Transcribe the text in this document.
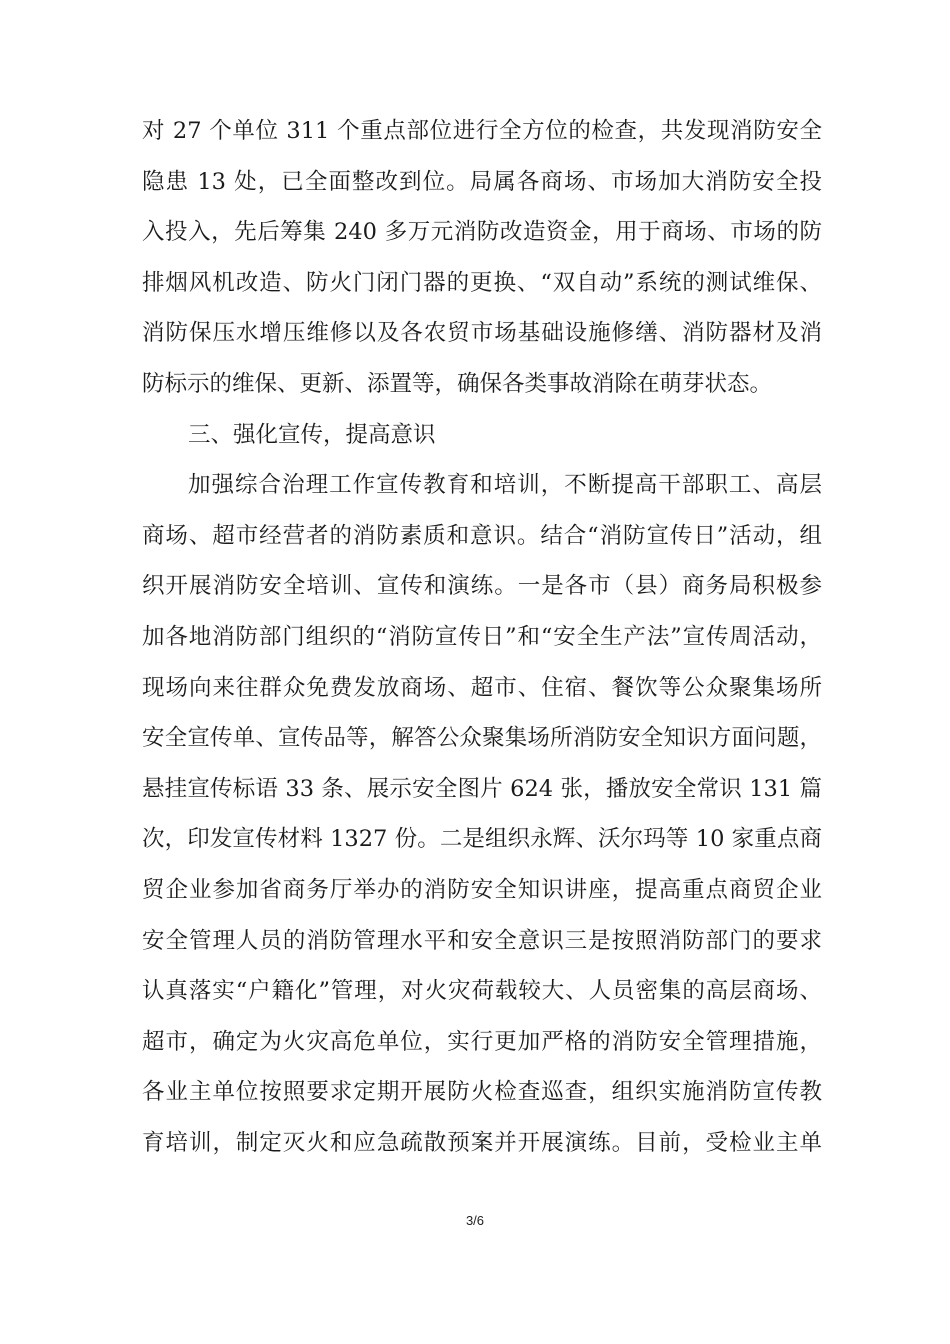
对 27 个单位 311 个重点部位进行全方位的检查，共发现消防安全
隐患 13 处，已全面整改到位。局属各商场、市场加大消防安全投
入投入，先后筹集 240 多万元消防改造资金，用于商场、市场的防
排烟风机改造、防火门闭门器的更换、“双自动”系统的测试维保、
消防保压水增压维修以及各农贸市场基础设施修缮、消防器材及消
防标示的维保、更新、添置等，确保各类事故消除在萌芽状态。
三、强化宣传，提高意识
加强综合治理工作宣传教育和培训，不断提高干部职工、高层
商场、超市经营者的消防素质和意识。结合“消防宣传日”活动，组
织开展消防安全培训、宣传和演练。一是各市（县）商务局积极参
加各地消防部门组织的“消防宣传日”和“安全生产法”宣传周活动，
现场向来往群众免费发放商场、超市、住宿、餐饮等公众聚集场所
安全宣传单、宣传品等，解答公众聚集场所消防安全知识方面问题，
悬挂宣传标语 33 条、展示安全图片 624 张，播放安全常识 131 篇
次，印发宣传材料 1327 份。二是组织永辉、沃尔玛等 10 家重点商
贸企业参加省商务厅举办的消防安全知识讲座，提高重点商贸企业
安全管理人员的消防管理水平和安全意识三是按照消防部门的要求
认真落实“户籍化”管理，对火灾荷载较大、人员密集的高层商场、
超市，确定为火灾高危单位，实行更加严格的消防安全管理措施，
各业主单位按照要求定期开展防火检查巡查，组织实施消防宣传教
育培训，制定灭火和应急疏散预案并开展演练。目前，受检业主单
3/6
